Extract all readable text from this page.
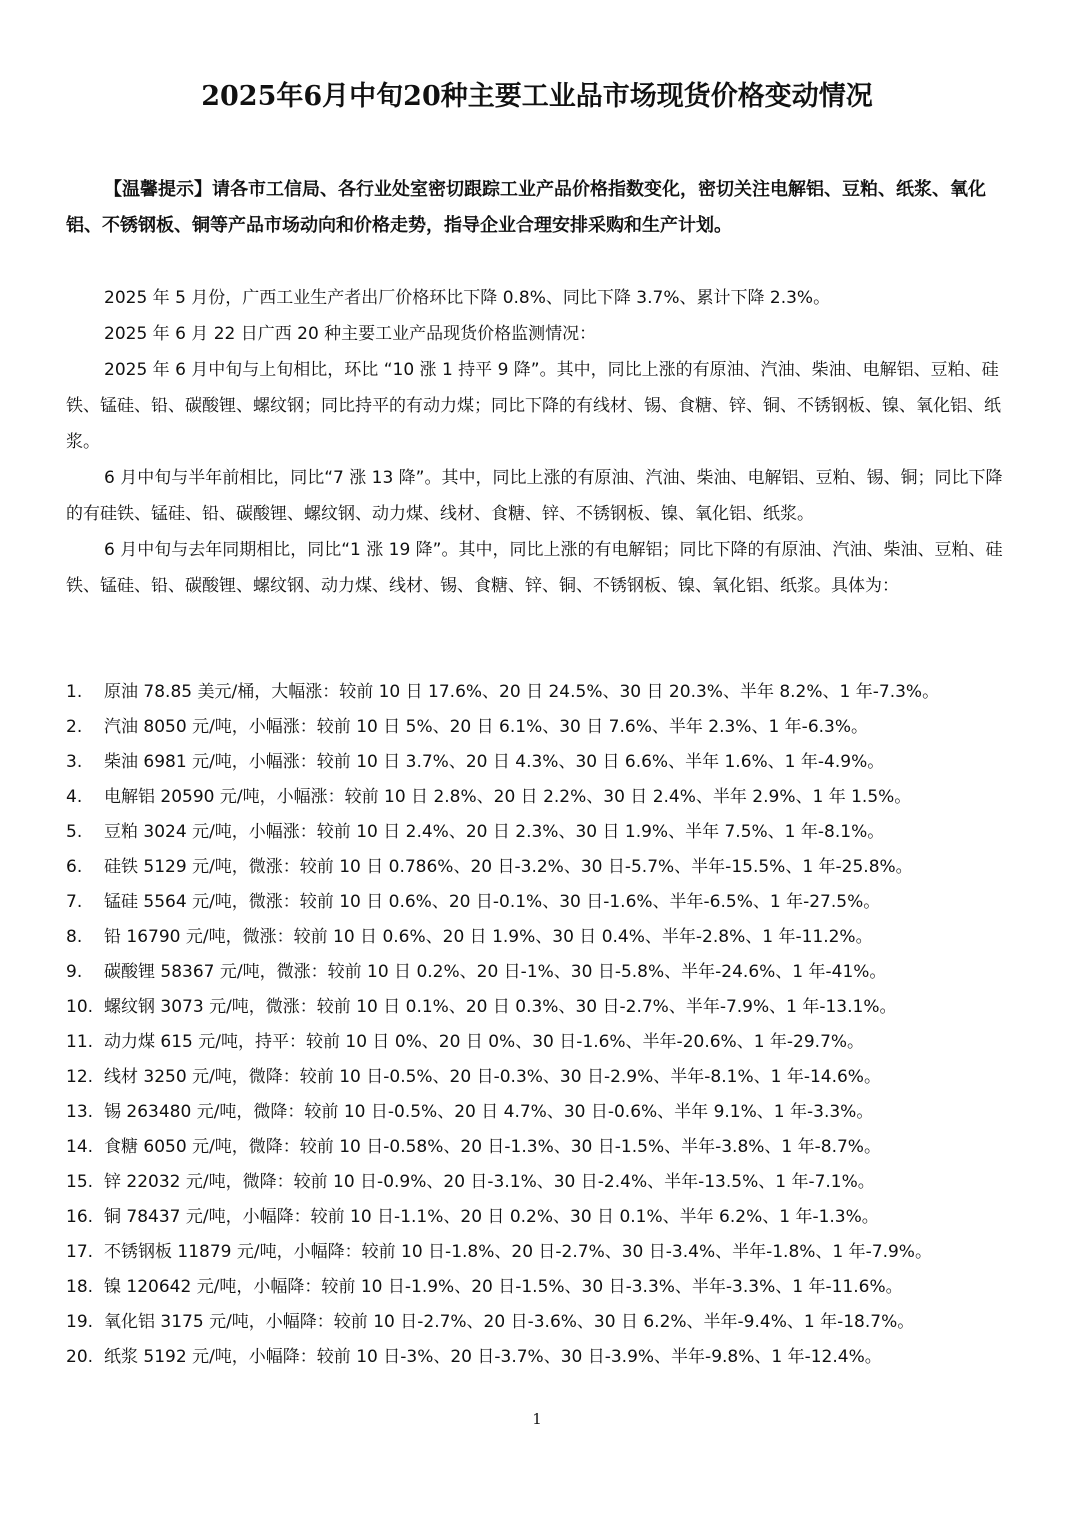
2025年6月中旬20种主要工业品市场现货价格变动情况
【温馨提示】请各市工信局、各行业处室密切跟踪工业产品价格指数变化，密切关注电解铝、豆粕、纸浆、氧化铝、不锈钢板、铜等产品市场动向和价格走势，指导企业合理安排采购和生产计划。

2025 年 5 月份，广西工业生产者出厂价格环比下降 0.8%、同比下降 3.7%、累计下降 2.3%。

2025 年 6 月 22 日广西 20 种主要工业产品现货价格监测情况：

2025 年 6 月中旬与上旬相比，环比 “10 涨 1 持平 9 降”。其中，同比上涨的有原油、汽油、柴油、电解铝、豆粕、硅铁、锰硅、铅、碳酸锂、螺纹钢；同比持平的有动力煤；同比下降的有线材、锡、食糖、锌、铜、不锈钢板、镍、氧化铝、纸浆。

6 月中旬与半年前相比，同比“7 涨 13 降”。其中，同比上涨的有原油、汽油、柴油、电解铝、豆粕、锡、铜；同比下降的有硅铁、锰硅、铅、碳酸锂、螺纹钢、动力煤、线材、食糖、锌、不锈钢板、镍、氧化铝、纸浆。

6 月中旬与去年同期相比，同比“1 涨 19 降”。其中，同比上涨的有电解铝；同比下降的有原油、汽油、柴油、豆粕、硅铁、锰硅、铅、碳酸锂、螺纹钢、动力煤、线材、锡、食糖、锌、铜、不锈钢板、镍、氧化铝、纸浆。具体为：

1. 原油 78.85 美元/桶，大幅涨：较前 10 日 17.6%、20 日 24.5%、30 日 20.3%、半年 8.2%、1 年-7.3%。
2. 汽油 8050 元/吨，小幅涨：较前 10 日 5%、20 日 6.1%、30 日 7.6%、半年 2.3%、1 年-6.3%。
3. 柴油 6981 元/吨，小幅涨：较前 10 日 3.7%、20 日 4.3%、30 日 6.6%、半年 1.6%、1 年-4.9%。
4. 电解铝 20590 元/吨，小幅涨：较前 10 日 2.8%、20 日 2.2%、30 日 2.4%、半年 2.9%、1 年 1.5%。
5. 豆粕 3024 元/吨，小幅涨：较前 10 日 2.4%、20 日 2.3%、30 日 1.9%、半年 7.5%、1 年-8.1%。
6. 硅铁 5129 元/吨，微涨：较前 10 日 0.786%、20 日-3.2%、30 日-5.7%、半年-15.5%、1 年-25.8%。
7. 锰硅 5564 元/吨，微涨：较前 10 日 0.6%、20 日-0.1%、30 日-1.6%、半年-6.5%、1 年-27.5%。
8. 铅 16790 元/吨，微涨：较前 10 日 0.6%、20 日 1.9%、30 日 0.4%、半年-2.8%、1 年-11.2%。
9. 碳酸锂 58367 元/吨，微涨：较前 10 日 0.2%、20 日-1%、30 日-5.8%、半年-24.6%、1 年-41%。
10. 螺纹钢 3073 元/吨，微涨：较前 10 日 0.1%、20 日 0.3%、30 日-2.7%、半年-7.9%、1 年-13.1%。
11. 动力煤 615 元/吨，持平：较前 10 日 0%、20 日 0%、30 日-1.6%、半年-20.6%、1 年-29.7%。
12. 线材 3250 元/吨，微降：较前 10 日-0.5%、20 日-0.3%、30 日-2.9%、半年-8.1%、1 年-14.6%。
13. 锡 263480 元/吨，微降：较前 10 日-0.5%、20 日 4.7%、30 日-0.6%、半年 9.1%、1 年-3.3%。
14. 食糖 6050 元/吨，微降：较前 10 日-0.58%、20 日-1.3%、30 日-1.5%、半年-3.8%、1 年-8.7%。
15. 锌 22032 元/吨，微降：较前 10 日-0.9%、20 日-3.1%、30 日-2.4%、半年-13.5%、1 年-7.1%。
16. 铜 78437 元/吨，小幅降：较前 10 日-1.1%、20 日 0.2%、30 日 0.1%、半年 6.2%、1 年-1.3%。
17. 不锈钢板 11879 元/吨，小幅降：较前 10 日-1.8%、20 日-2.7%、30 日-3.4%、半年-1.8%、1 年-7.9%。
18. 镍 120642 元/吨，小幅降：较前 10 日-1.9%、20 日-1.5%、30 日-3.3%、半年-3.3%、1 年-11.6%。
19. 氧化铝 3175 元/吨，小幅降：较前 10 日-2.7%、20 日-3.6%、30 日 6.2%、半年-9.4%、1 年-18.7%。
20. 纸浆 5192 元/吨，小幅降：较前 10 日-3%、20 日-3.7%、30 日-3.9%、半年-9.8%、1 年-12.4%。
1
